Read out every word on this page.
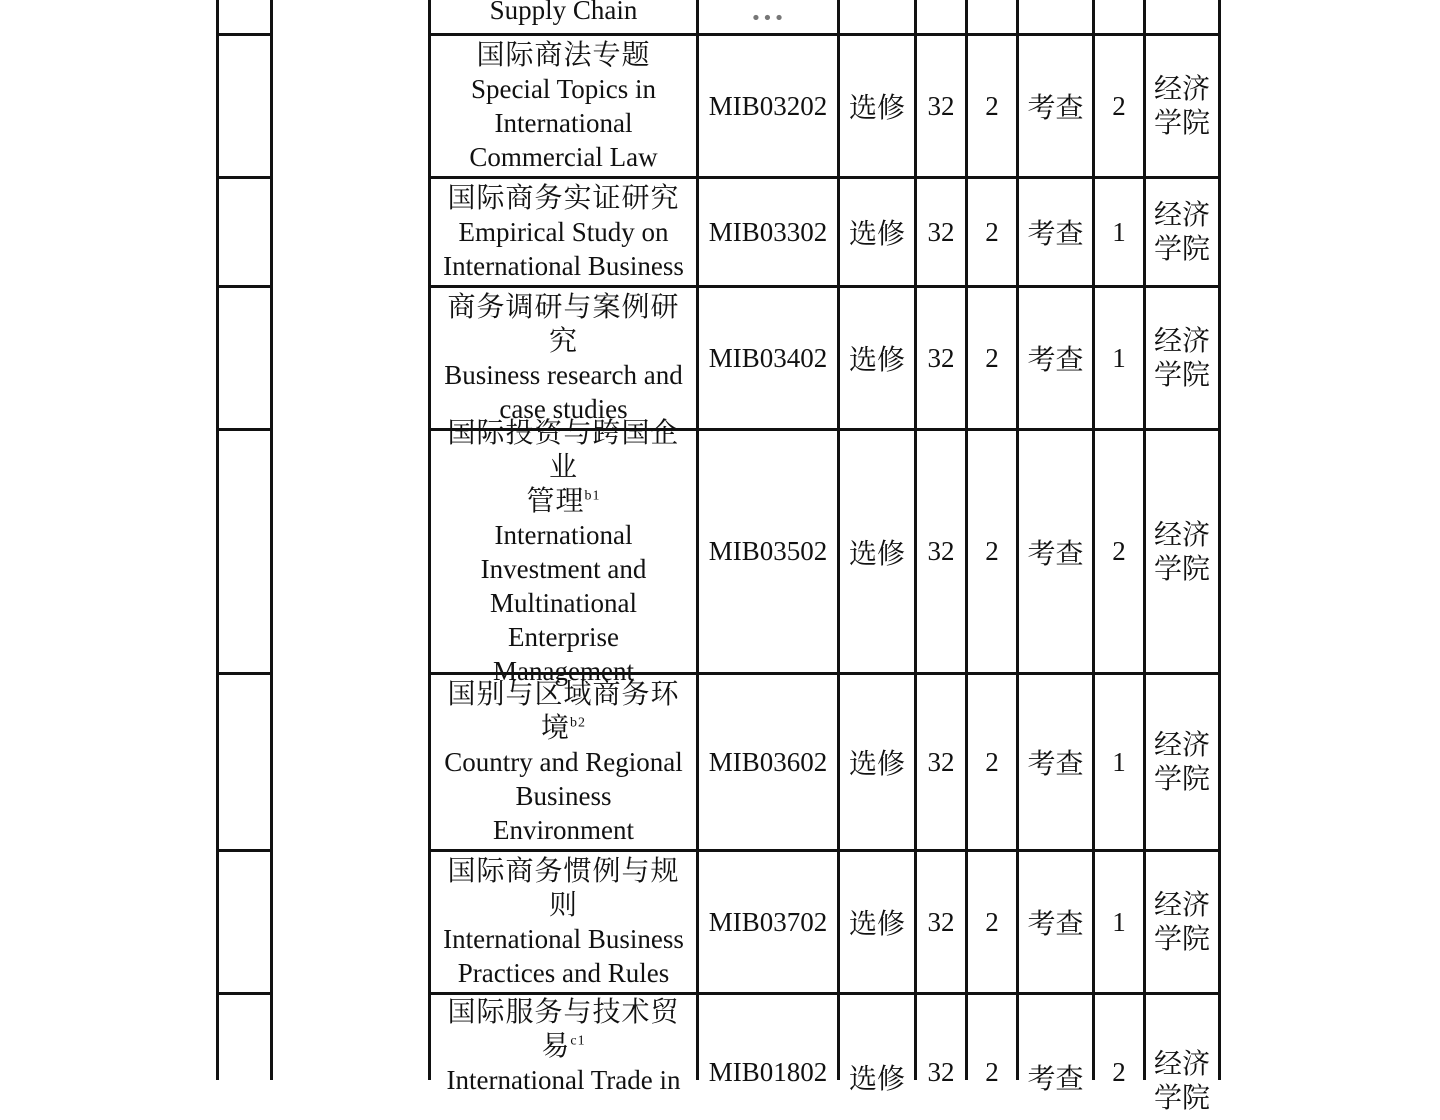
Supply Chain	•••
国际商法专题
Special Topics in
International
Commercial Law
MIB03202 选修 32	2	考查	2
经济
学院
国际商务实证研究
Empirical Study on
International Business
MIB03302 选修 32	2	考查	1
经济
学院
商务调研与案例研
究
Business research and
case studies
MIB03402 选修 32	2	考查	1
经济
学院
国际投资与跨国企业
管理$^{b1}$
International
Investment and
Multinational
Enterprise
Management
MIB03502 选修 32	2	考查	2
经济
学院
国别与区域商务环
境$^{b2}$
Country and Regional
Business
Environment
MIB03602 选修 32	2	考查	1
经济
学院
国际商务惯例与规
则
International Business
Practices and Rules
MIB03702 选修 32	2	考查	1
经济
学院
国际服务与技术贸
易$^{c1}$
International Trade in	MIB01802 选修 32	2	考查	2	经济
学院
